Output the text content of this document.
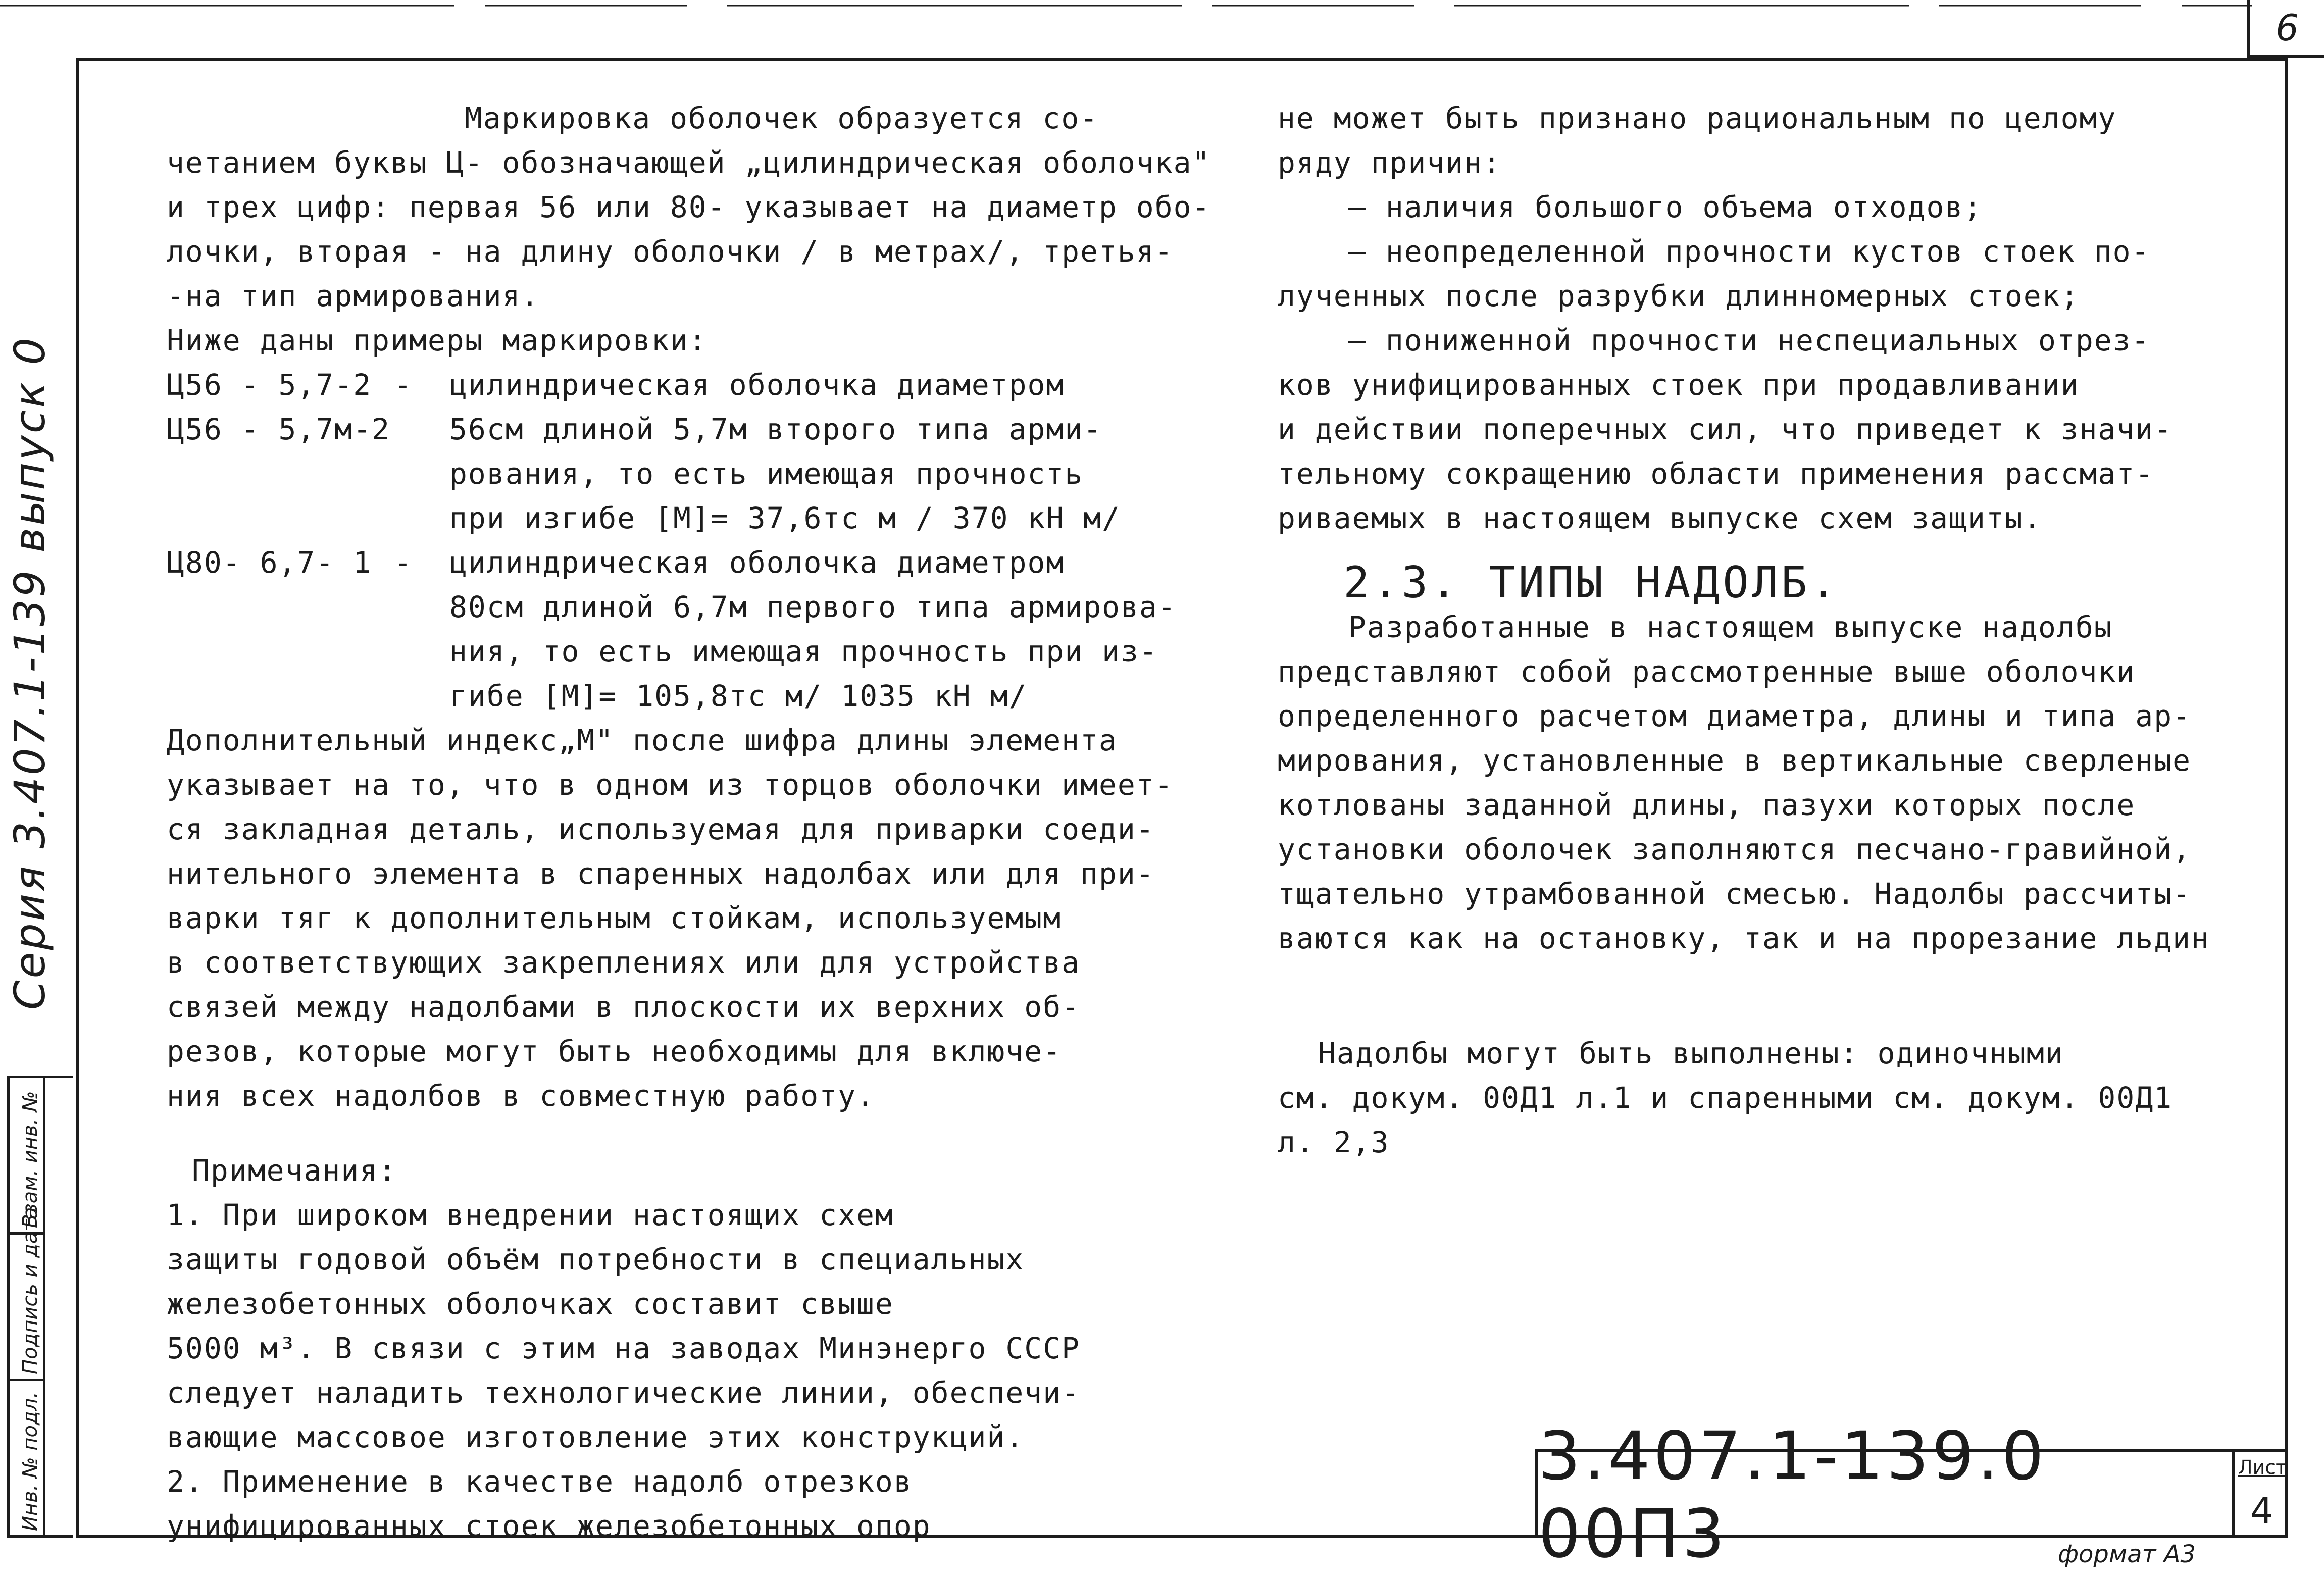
6
Серия 3.407.1-139 выпуск 0
Инв. № подл.
Подпись и дата
Взам. инв. №

Маркировка оболочек образуется со-

четанием буквы Ц- обозначающей „цилиндрическая оболочка"

и трех цифр: первая 56 или 80- указывает на диаметр обо-

лочки, вторая - на длину оболочки / в метрах/, третья-

-на тип армирования.

Ниже даны примеры маркировки:

Ц56 - 5,7-2 -	цилиндрическая оболочка диаметром
Ц56 - 5,7м-2 56см длиной 5,7м второго типа арми-

рования, то есть имеющая прочность

при изгибе [М]= 37,6тс м / 370 кН м/

Ц80- 6,7- 1 -	цилиндрическая оболочка диаметром

80см длиной 6,7м первого типа армирова-

ния, то есть имеющая прочность при из-

гибе [М]= 105,8тс м/ 1035 кН м/

Дополнительный индекс„М" после шифра длины элемента

указывает на то, что в одном из торцов оболочки имеет-

ся закладная деталь, используемая для приварки соеди-

нительного элемента в спаренных надолбах или для при-

варки тяг к дополнительным стойкам, используемым

в соответствующих закреплениях или для устройства

связей между надолбами в плоскости их верхних об-

резов, которые могут быть необходимы для включе-

ния всех надолбов в совместную работу.

Примечания:

1. При широком внедрении настоящих схем

защиты годовой объём потребности в специальных

железобетонных оболочках составит свыше

5000 м³. В связи с этим на заводах Минэнерго СССР

следует наладить технологические линии, обеспечи-

вающие массовое изготовление этих конструкций.

2. Применение в качестве надолб отрезков

унифицированных стоек железобетонных опор

не может быть признано рациональным по целому

ряду причин:

— наличия большого объема отходов;

— неопределенной прочности кустов стоек по-

лученных после разрубки длинномерных стоек;

— пониженной прочности неспециальных отрез-

ков унифицированных стоек при продавливании

и действии поперечных сил, что приведет к значи-

тельному сокращению области применения рассмат-

риваемых в настоящем выпуске схем защиты.

2.3. ТИПЫ НАДОЛБ.

Разработанные в настоящем выпуске надолбы

представляют собой рассмотренные выше оболочки

определенного расчетом диаметра, длины и типа ар-

мирования, установленные в вертикальные сверленые

котлованы заданной длины, пазухи которых после

установки оболочек заполняются песчано-гравийной,

тщательно утрамбованной смесью. Надолбы рассчиты-

ваются как на остановку, так и на прорезание льдин

Надолбы могут быть выполнены: одиночными

см. докум. 00Д1 л.1 и спаренными см. докум. 00Д1

л. 2,3

3.407.1-139.0 00П3
Лист
4
формат А3
